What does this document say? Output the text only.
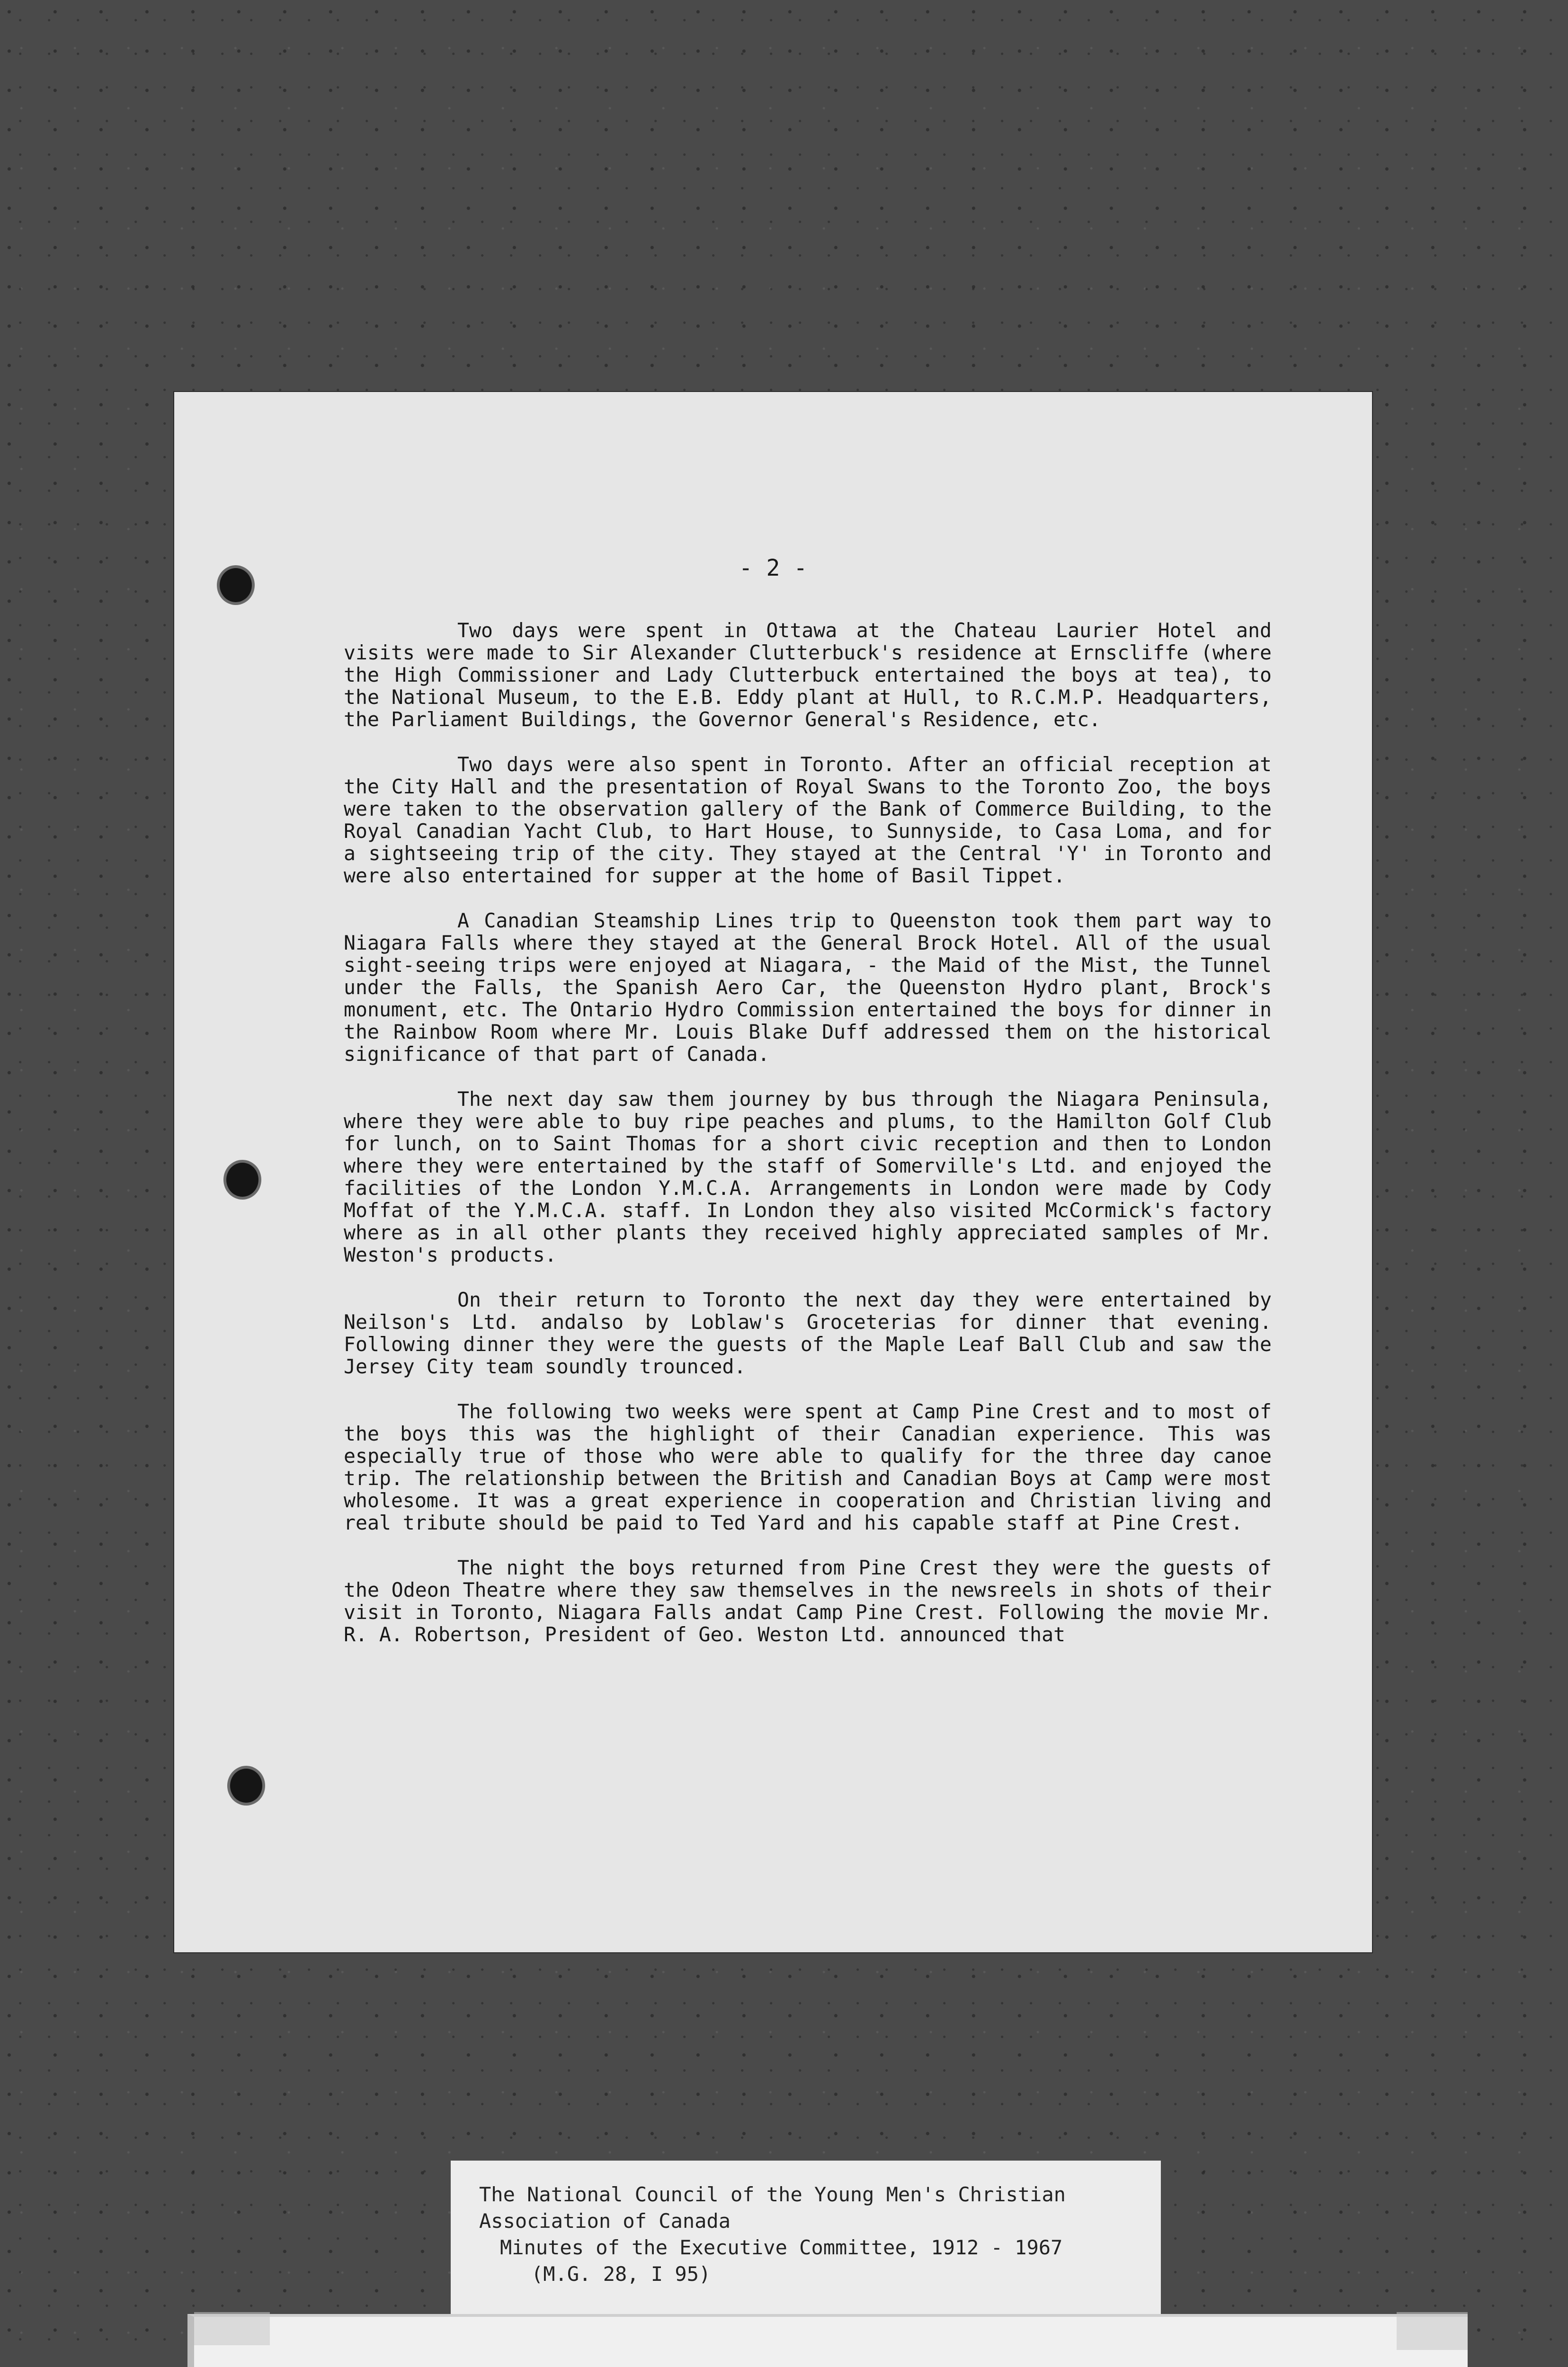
- 2 -

Two days were spent in Ottawa at the Chateau Laurier Hotel and visits were made to Sir Alexander Clutterbuck's residence at Ernscliffe (where the High Commissioner and Lady Clutterbuck entertained the boys at tea), to the National Museum, to the E.B. Eddy plant at Hull, to R.C.M.P. Headquarters, the Parliament Buildings, the Governor General's Residence, etc.

Two days were also spent in Toronto. After an official reception at the City Hall and the presentation of Royal Swans to the Toronto Zoo, the boys were taken to the observation gallery of the Bank of Commerce Building, to the Royal Canadian Yacht Club, to Hart House, to Sunnyside, to Casa Loma, and for a sightseeing trip of the city. They stayed at the Central 'Y' in Toronto and were also entertained for supper at the home of Basil Tippet.

A Canadian Steamship Lines trip to Queenston took them part way to Niagara Falls where they stayed at the General Brock Hotel. All of the usual sight-seeing trips were enjoyed at Niagara, - the Maid of the Mist, the Tunnel under the Falls, the Spanish Aero Car, the Queenston Hydro plant, Brock's monument, etc. The Ontario Hydro Commission entertained the boys for dinner in the Rainbow Room where Mr. Louis Blake Duff addressed them on the historical significance of that part of Canada.

The next day saw them journey by bus through the Niagara Peninsula, where they were able to buy ripe peaches and plums, to the Hamilton Golf Club for lunch, on to Saint Thomas for a short civic reception and then to London where they were entertained by the staff of Somerville's Ltd. and enjoyed the facilities of the London Y.M.C.A. Arrangements in London were made by Cody Moffat of the Y.M.C.A. staff. In London they also visited McCormick's factory where as in all other plants they received highly appreciated samples of Mr. Weston's products.

On their return to Toronto the next day they were entertained by Neilson's Ltd. andalso by Loblaw's Groceterias for dinner that evening. Following dinner they were the guests of the Maple Leaf Ball Club and saw the Jersey City team soundly trounced.

The following two weeks were spent at Camp Pine Crest and to most of the boys this was the highlight of their Canadian experience. This was especially true of those who were able to qualify for the three day canoe trip. The relationship between the British and Canadian Boys at Camp were most wholesome. It was a great experience in cooperation and Christian living and real tribute should be paid to Ted Yard and his capable staff at Pine Crest.

The night the boys returned from Pine Crest they were the guests of the Odeon Theatre where they saw themselves in the newsreels in shots of their visit in Toronto, Niagara Falls andat Camp Pine Crest. Following the movie Mr. R. A. Robertson, President of Geo. Weston Ltd. announced that

The National Council of the Young Men's Christian
Association of Canada
Minutes of the Executive Committee, 1912 - 1967
(M.G. 28, I 95)
